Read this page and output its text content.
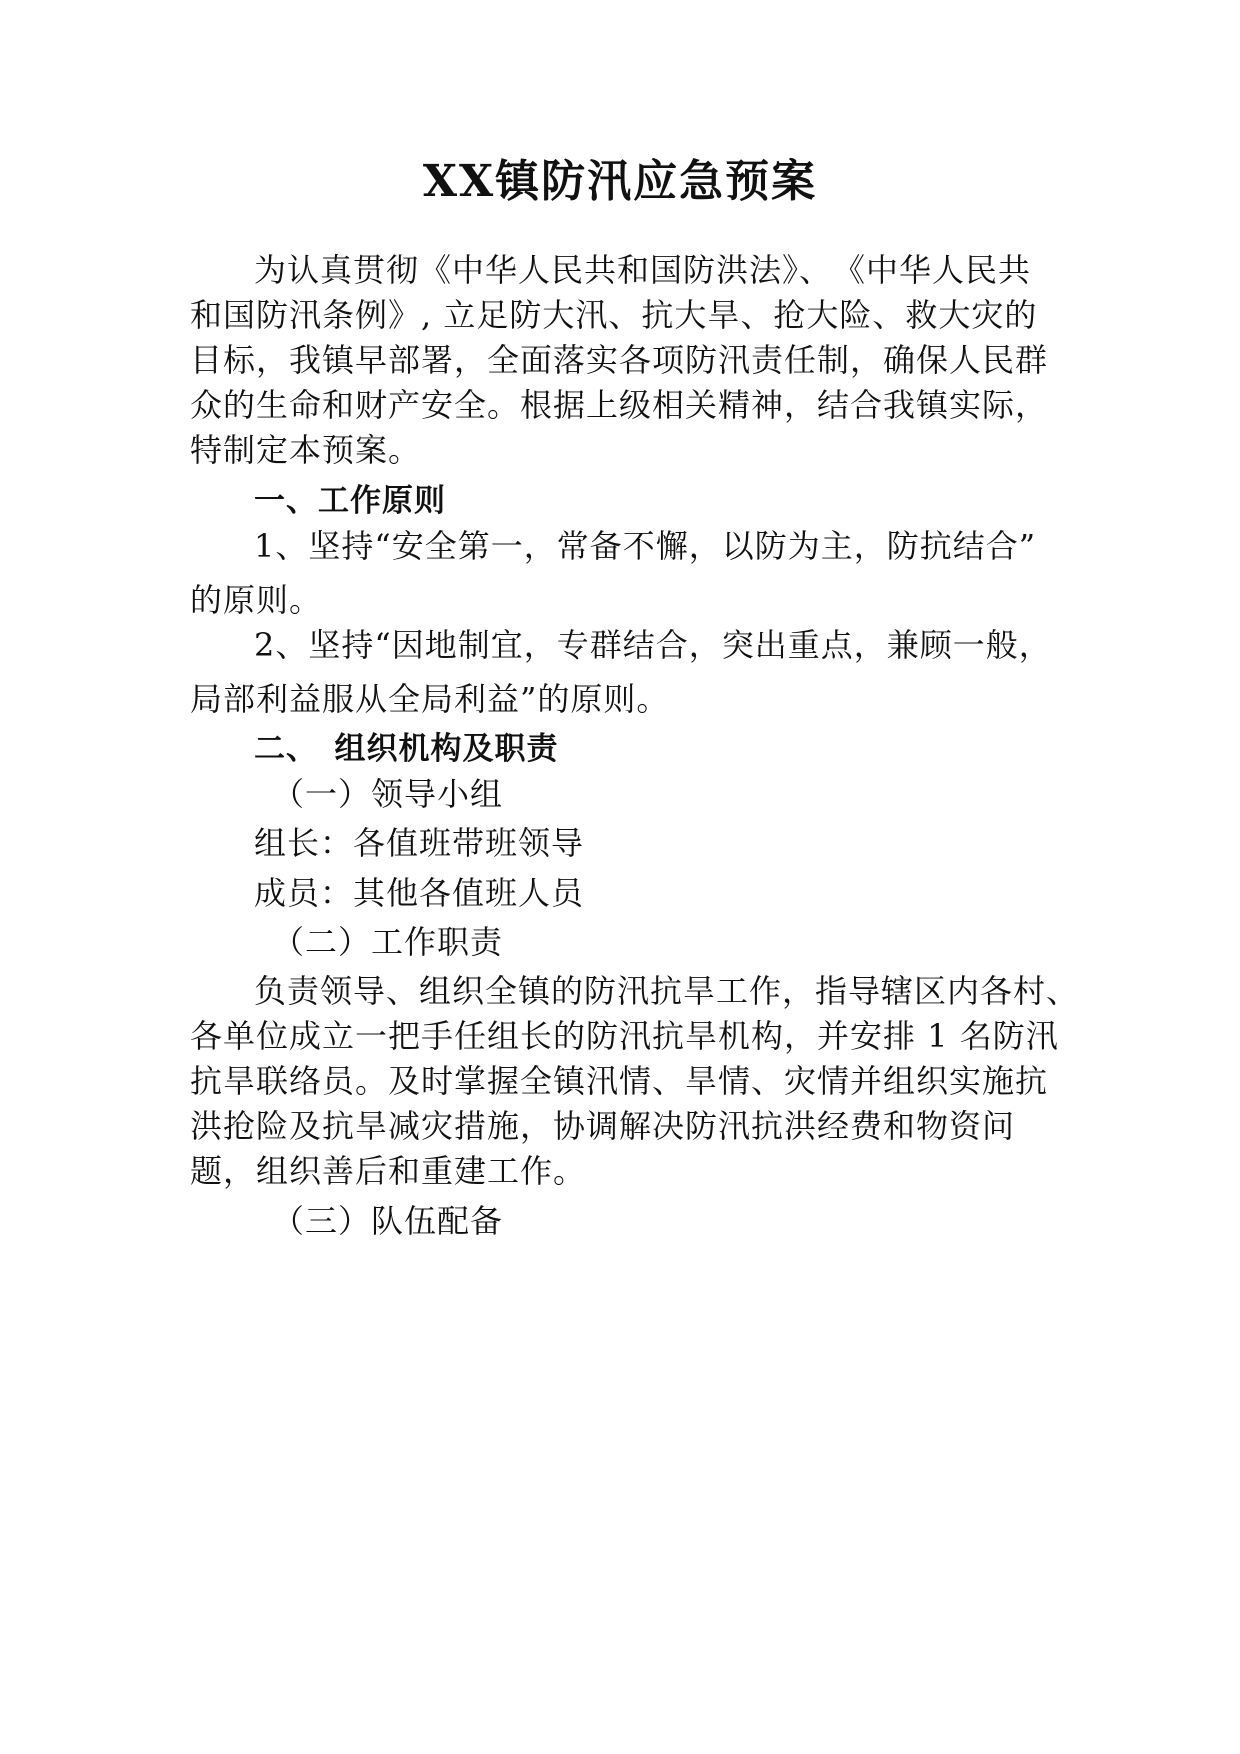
XX镇防汛应急预案
为认真贯彻《中华人民共和国防洪法》、　《中华人民共
和国防汛条例》, 立足防大汛、抗大旱、抢大险、救大灾的
目标，我镇早部署，全面落实各项防汛责任制，确保人民群
众的生命和财产安全。根据上级相关精神，结合我镇实际，
特制定本预案。
一、工作原则
1、坚持“安全第一，常备不懈，以防为主，防抗结合”
的原则。
2、坚持“因地制宜，专群结合，突出重点，兼顾一般，
局部利益服从全局利益”的原则。
二、　组织机构及职责
（一）领导小组
组长：各值班带班领导
成员：其他各值班人员
（二）工作职责
负责领导、组织全镇的防汛抗旱工作，指导辖区内各村、
各单位成立一把手任组长的防汛抗旱机构，并安排 1 名防汛
抗旱联络员。及时掌握全镇汛情、旱情、灾情并组织实施抗
洪抢险及抗旱减灾措施，协调解决防汛抗洪经费和物资问
题，组织善后和重建工作。
（三）队伍配备
